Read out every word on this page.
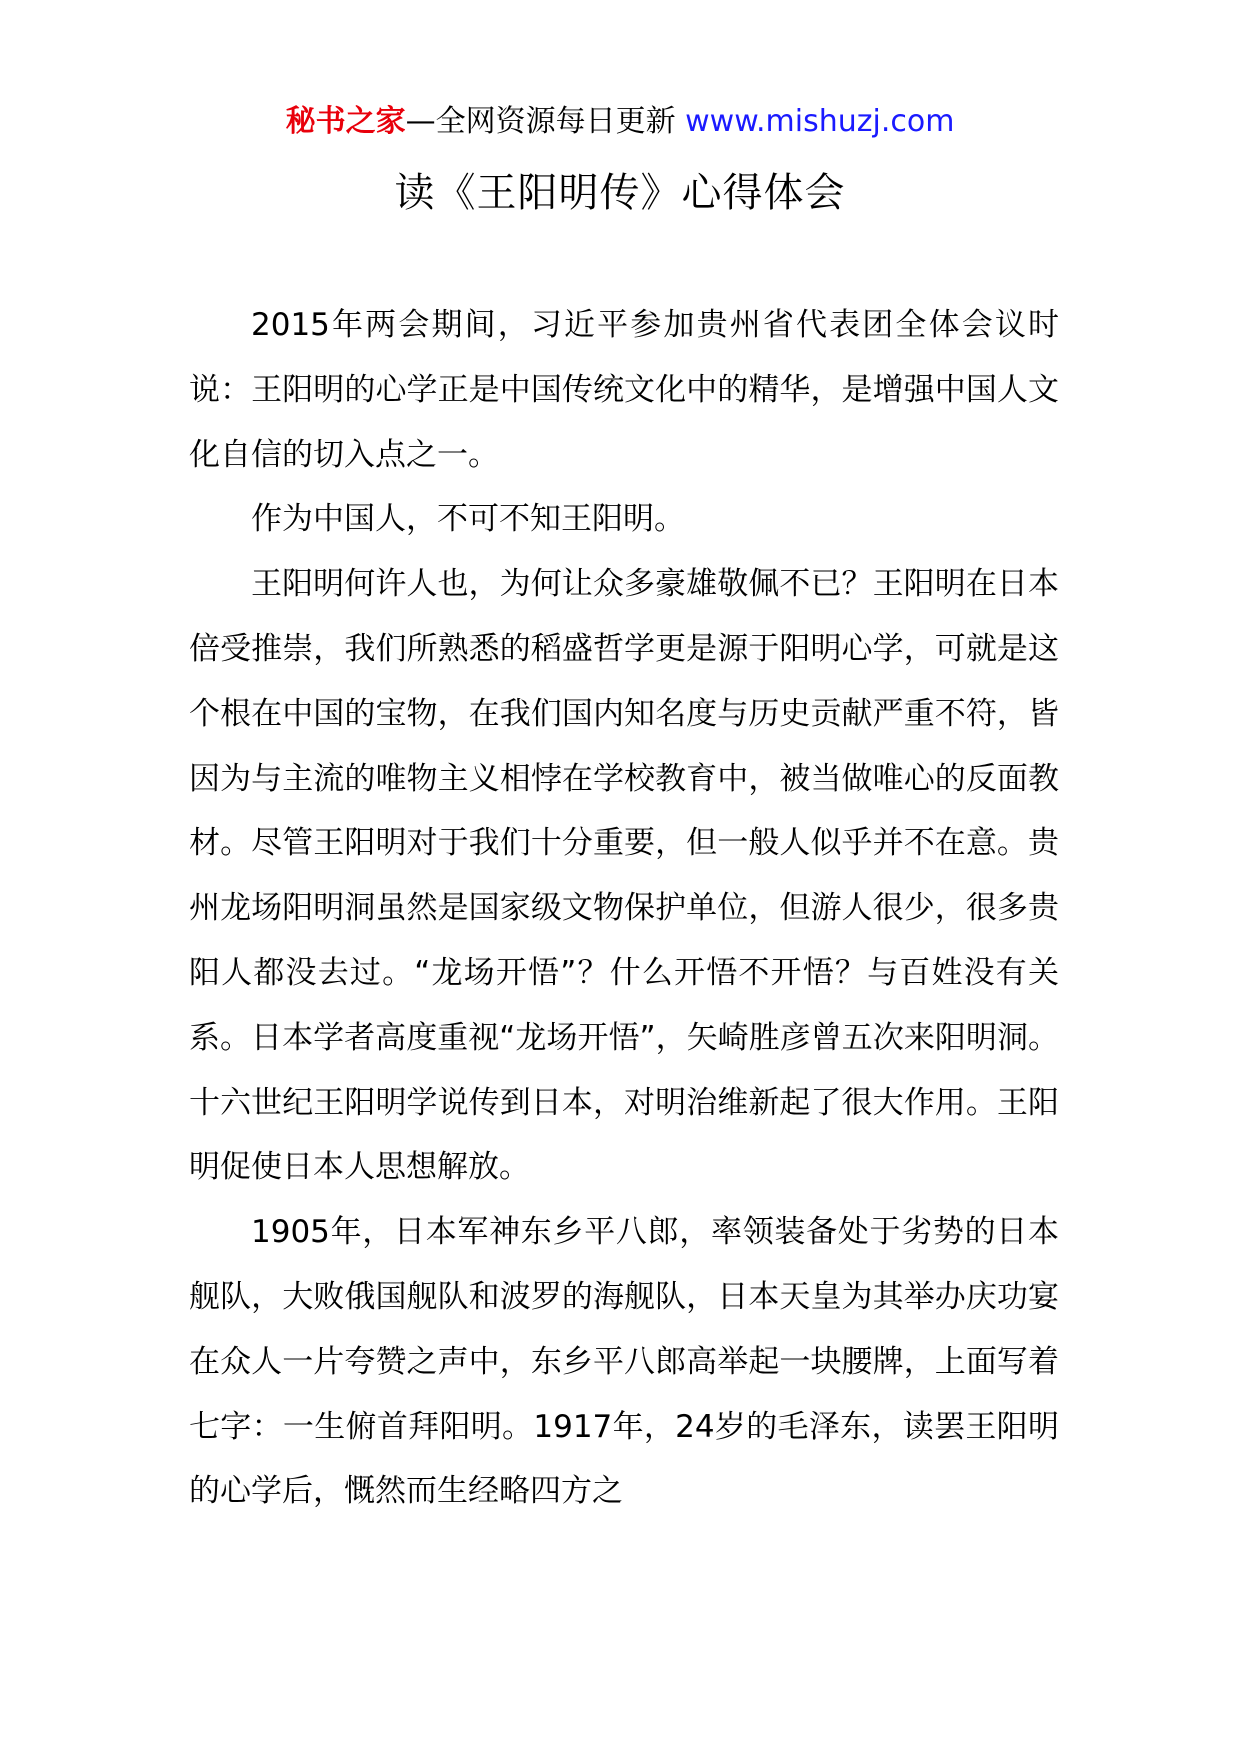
秘书之家—全网资源每日更新 www.mishuzj.com
读《王阳明传》心得体会

2015年两会期间，习近平参加贵州省代表团全体会议时说：王阳明的心学正是中国传统文化中的精华，是增强中国人文化自信的切入点之一。

作为中国人，不可不知王阳明。

王阳明何许人也，为何让众多豪雄敬佩不已？王阳明在日本倍受推崇，我们所熟悉的稻盛哲学更是源于阳明心学，可就是这个根在中国的宝物，在我们国内知名度与历史贡献严重不符，皆因为与主流的唯物主义相悖在学校教育中，被当做唯心的反面教材。尽管王阳明对于我们十分重要，但一般人似乎并不在意。贵州龙场阳明洞虽然是国家级文物保护单位，但游人很少，很多贵阳人都没去过。“龙场开悟”？什么开悟不开悟？与百姓没有关系。日本学者高度重视“龙场开悟”，矢崎胜彦曾五次来阳明洞。十六世纪王阳明学说传到日本，对明治维新起了很大作用。王阳明促使日本人思想解放。

1905年，日本军神东乡平八郎，率领装备处于劣势的日本舰队，大败俄国舰队和波罗的海舰队，日本天皇为其举办庆功宴在众人一片夸赞之声中，东乡平八郎高举起一块腰牌，上面写着七字：一生俯首拜阳明。1917年，24岁的毛泽东，读罢王阳明的心学后，慨然而生经略四方之
